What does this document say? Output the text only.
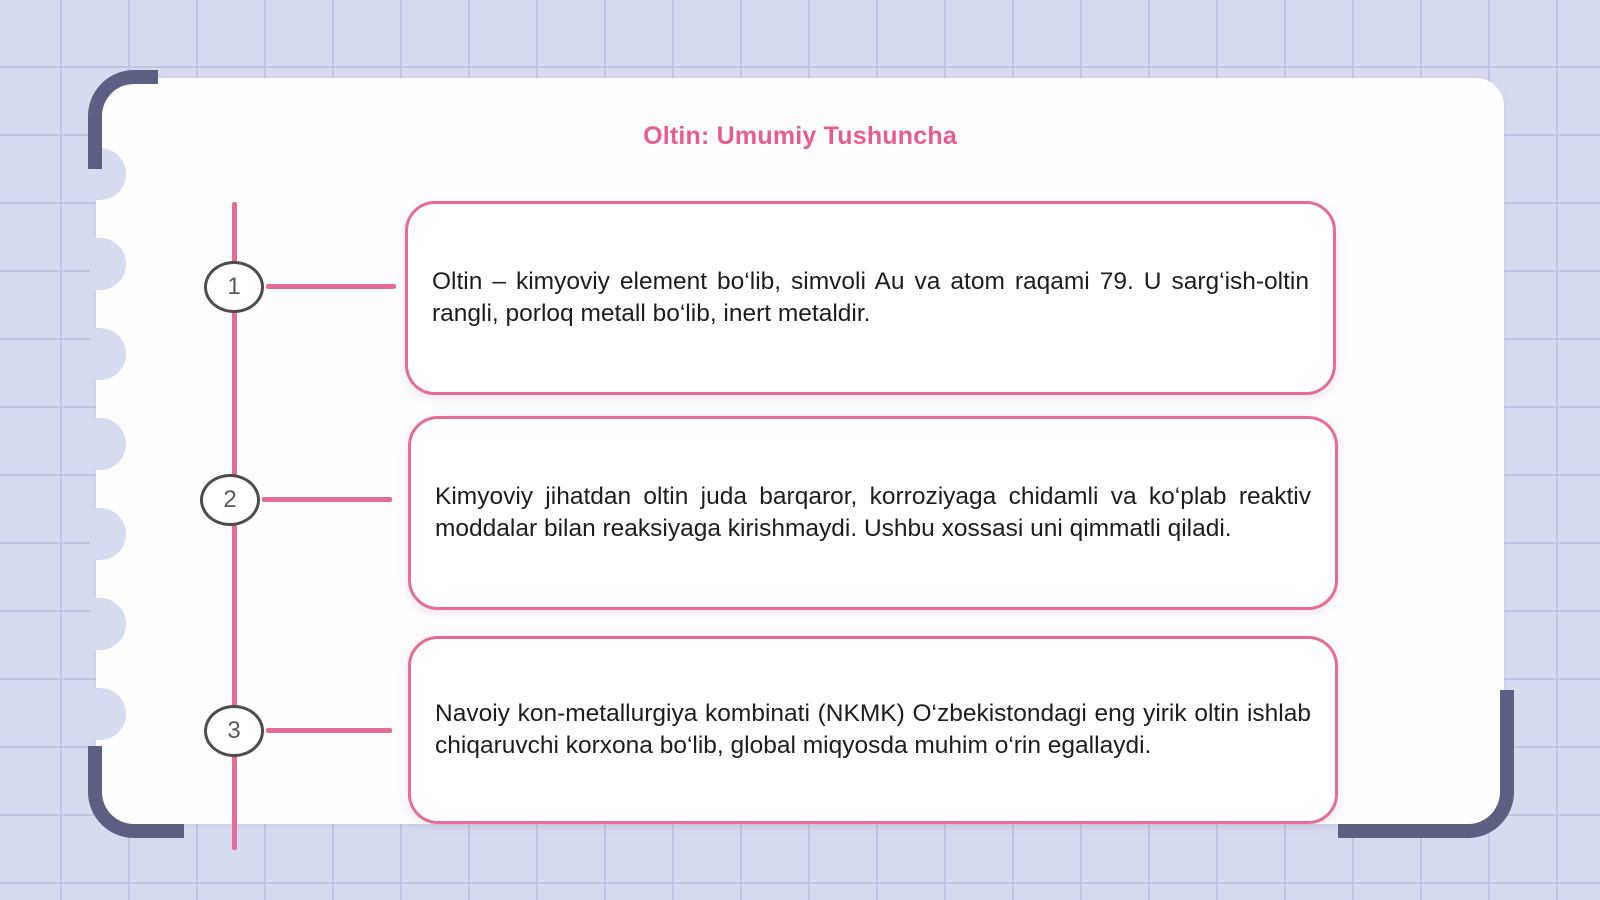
Oltin: Umumiy Tushuncha
1	Oltin – kimyoviy element bo‘lib, simvoli Au va atom raqami 79. U sarg‘ish-oltin rangli, porloq metall bo‘lib, inert metaldir.

2	Kimyoviy jihatdan oltin juda barqaror, korroziyaga chidamli va ko‘plab reaktiv moddalar bilan reaksiyaga kirishmaydi. Ushbu xossasi uni qimmatli qiladi.

3

Navoiy kon-metallurgiya kombinati (NKMK) O‘zbekistondagi eng yirik oltin ishlab chiqaruvchi korxona bo‘lib, global miqyosda muhim o‘rin egallaydi.
